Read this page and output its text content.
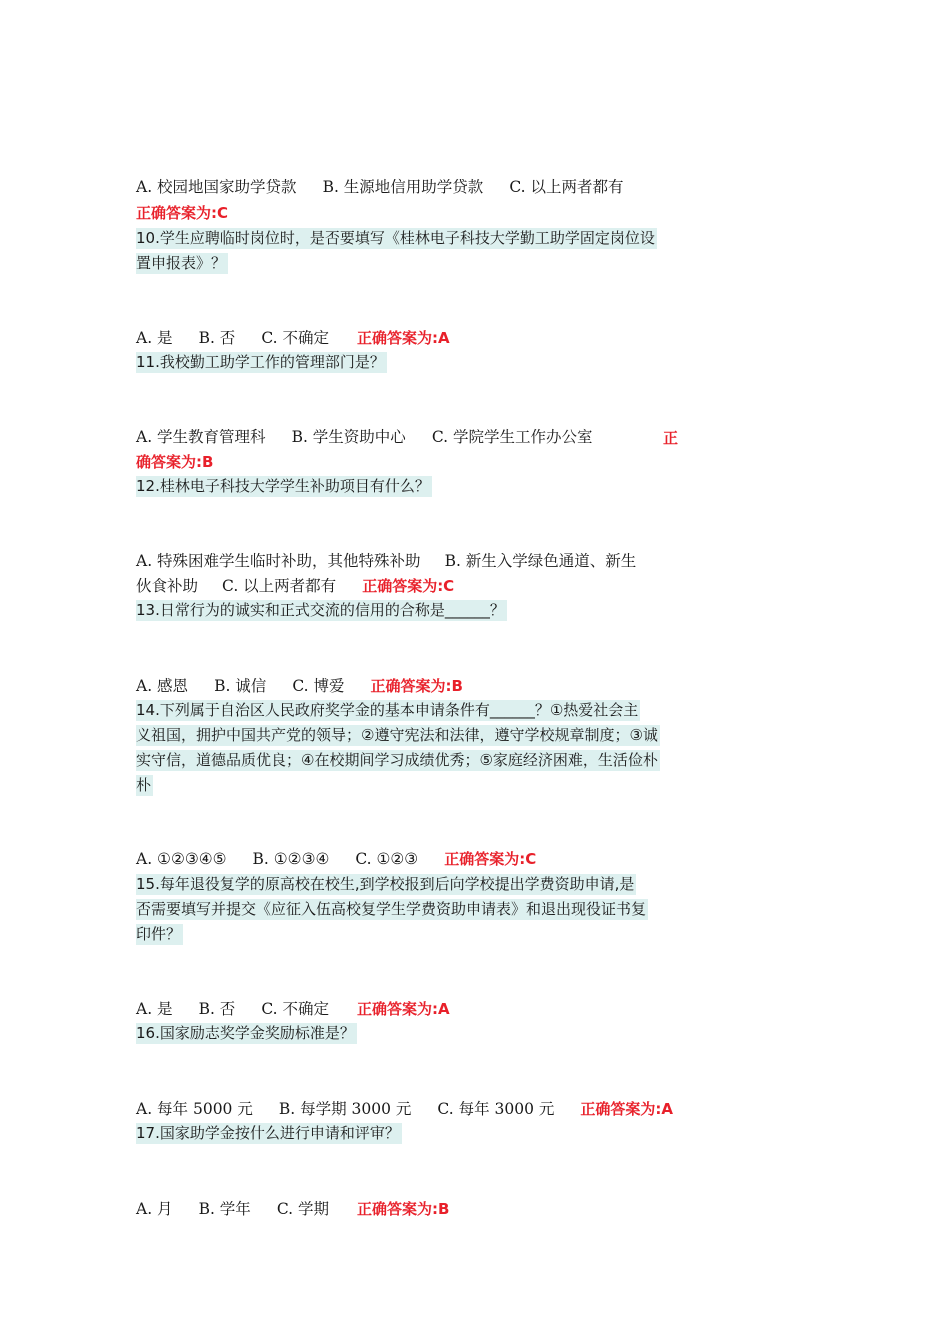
A. 校园地国家助学贷款 B. 生源地信用助学贷款 C. 以上两者都有
正确答案为:C
10.学生应聘临时岗位时，是否要填写《桂林电子科技大学勤工助学固定岗位设
置申报表》？
A. 是 B. 否 C. 不确定 正确答案为:A
11.我校勤工助学工作的管理部门是？
A. 学生教育管理科 B. 学生资助中心 C. 学院学生工作办公室	正
确答案为:B
12.桂林电子科技大学学生补助项目有什么？
A. 特殊困难学生临时补助，其他特殊补助 B. 新生入学绿色通道、新生
伙食补助 C. 以上两者都有 正确答案为:C
13.日常行为的诚实和正式交流的信用的合称是______？
A. 感恩 B. 诚信 C. 博爱 正确答案为:B
14.下列属于自治区人民政府奖学金的基本申请条件有______？①热爱社会主
义祖国，拥护中国共产党的领导；②遵守宪法和法律，遵守学校规章制度；③诚
实守信，道德品质优良；④在校期间学习成绩优秀；⑤家庭经济困难，生活俭朴
朴
A. ①②③④⑤ B. ①②③④ C. ①②③ 正确答案为:C
15.每年退役复学的原高校在校生,到学校报到后向学校提出学费资助申请,是
否需要填写并提交《应征入伍高校复学生学费资助申请表》和退出现役证书复
印件？
A. 是 B. 否 C. 不确定 正确答案为:A
16.国家励志奖学金奖励标准是？
A. 每年 5000 元 B. 每学期 3000 元 C. 每年 3000 元 正确答案为:A
17.国家助学金按什么进行申请和评审？
A. 月 B. 学年 C. 学期 正确答案为:B
